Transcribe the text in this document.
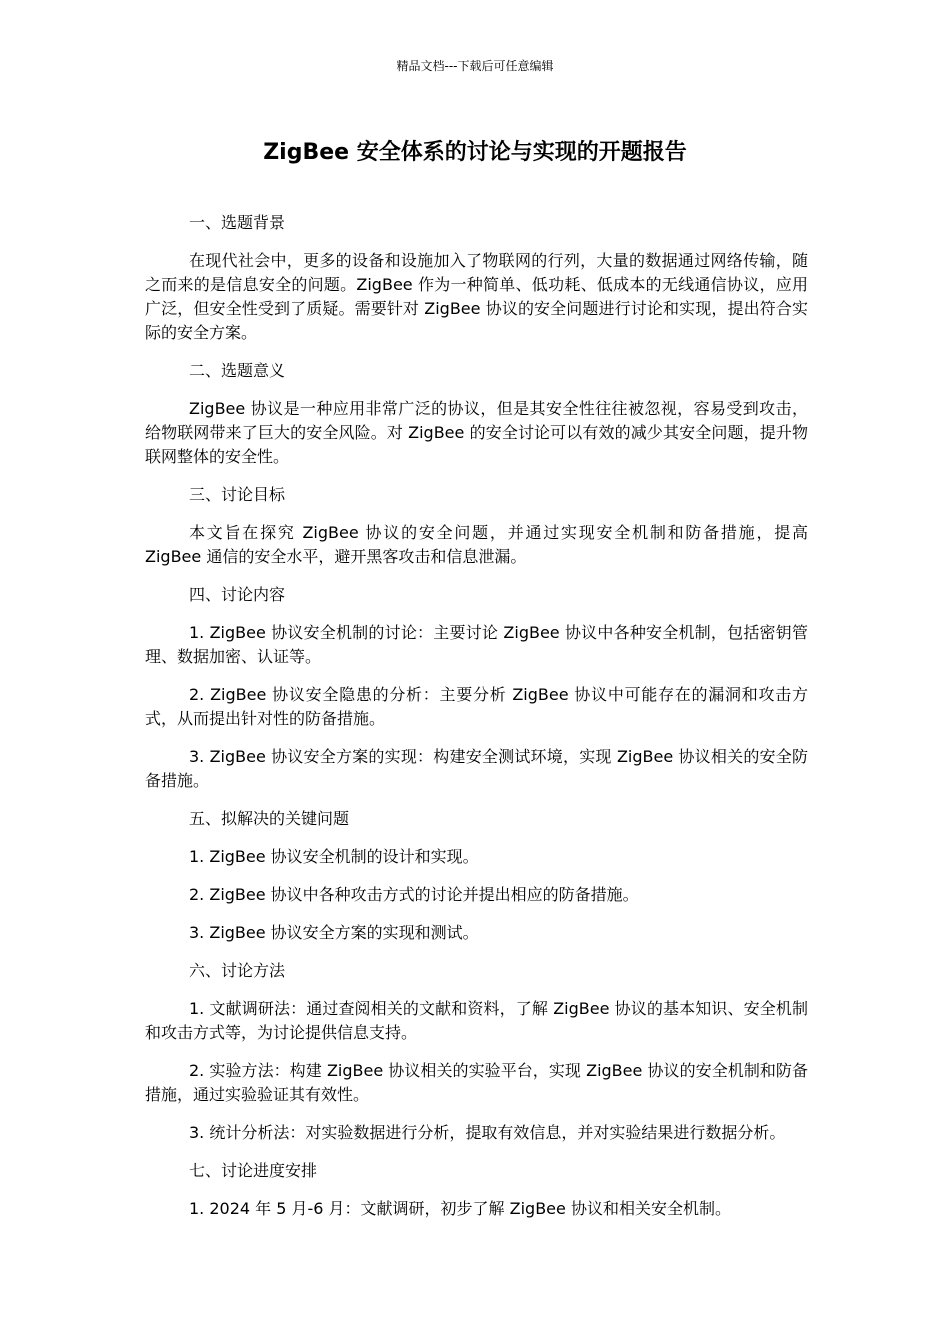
精品文档---下载后可任意编辑
ZigBee 安全体系的讨论与实现的开题报告

一、选题背景

在现代社会中，更多的设备和设施加入了物联网的行列，大量的数据通过网络传输，随之而来的是信息安全的问题。ZigBee 作为一种简单、低功耗、低成本的无线通信协议，应用广泛，但安全性受到了质疑。需要针对 ZigBee 协议的安全问题进行讨论和实现，提出符合实际的安全方案。

二、选题意义

ZigBee 协议是一种应用非常广泛的协议，但是其安全性往往被忽视，容易受到攻击，给物联网带来了巨大的安全风险。对 ZigBee 的安全讨论可以有效的减少其安全问题，提升物联网整体的安全性。

三、讨论目标

本文旨在探究 ZigBee 协议的安全问题，并通过实现安全机制和防备措施，提高 ZigBee 通信的安全水平，避开黑客攻击和信息泄漏。

四、讨论内容

1. ZigBee 协议安全机制的讨论：主要讨论 ZigBee 协议中各种安全机制，包括密钥管理、数据加密、认证等。

2. ZigBee 协议安全隐患的分析：主要分析 ZigBee 协议中可能存在的漏洞和攻击方式，从而提出针对性的防备措施。

3. ZigBee 协议安全方案的实现：构建安全测试环境，实现 ZigBee 协议相关的安全防备措施。

五、拟解决的关键问题

1. ZigBee 协议安全机制的设计和实现。

2. ZigBee 协议中各种攻击方式的讨论并提出相应的防备措施。

3. ZigBee 协议安全方案的实现和测试。

六、讨论方法

1. 文献调研法：通过查阅相关的文献和资料，了解 ZigBee 协议的基本知识、安全机制和攻击方式等，为讨论提供信息支持。

2. 实验方法：构建 ZigBee 协议相关的实验平台，实现 ZigBee 协议的安全机制和防备措施，通过实验验证其有效性。

3. 统计分析法：对实验数据进行分析，提取有效信息，并对实验结果进行数据分析。

七、讨论进度安排

1. 2024 年 5 月-6 月：文献调研，初步了解 ZigBee 协议和相关安全机制。
